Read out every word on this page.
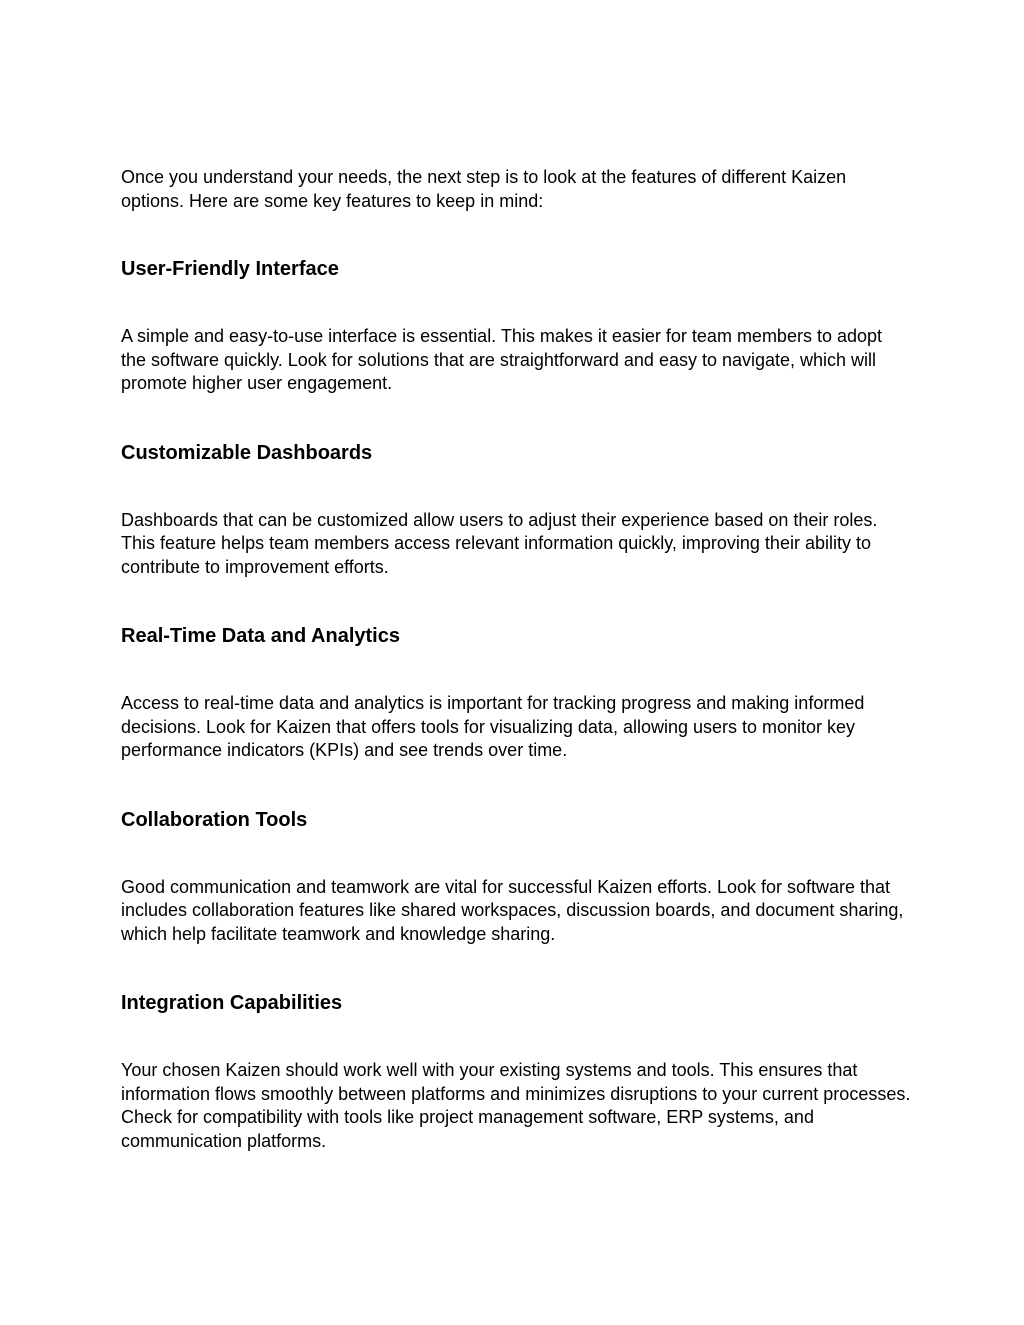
Once you understand your needs, the next step is to look at the features of different Kaizen options. Here are some key features to keep in mind:

User-Friendly Interface

A simple and easy-to-use interface is essential. This makes it easier for team members to adopt the software quickly. Look for solutions that are straightforward and easy to navigate, which will promote higher user engagement.

Customizable Dashboards

Dashboards that can be customized allow users to adjust their experience based on their roles. This feature helps team members access relevant information quickly, improving their ability to contribute to improvement efforts.

Real-Time Data and Analytics

Access to real-time data and analytics is important for tracking progress and making informed decisions. Look for Kaizen that offers tools for visualizing data, allowing users to monitor key performance indicators (KPIs) and see trends over time.

Collaboration Tools

Good communication and teamwork are vital for successful Kaizen efforts. Look for software that includes collaboration features like shared workspaces, discussion boards, and document sharing, which help facilitate teamwork and knowledge sharing.

Integration Capabilities

Your chosen Kaizen should work well with your existing systems and tools. This ensures that information flows smoothly between platforms and minimizes disruptions to your current processes. Check for compatibility with tools like project management software, ERP systems, and communication platforms.
